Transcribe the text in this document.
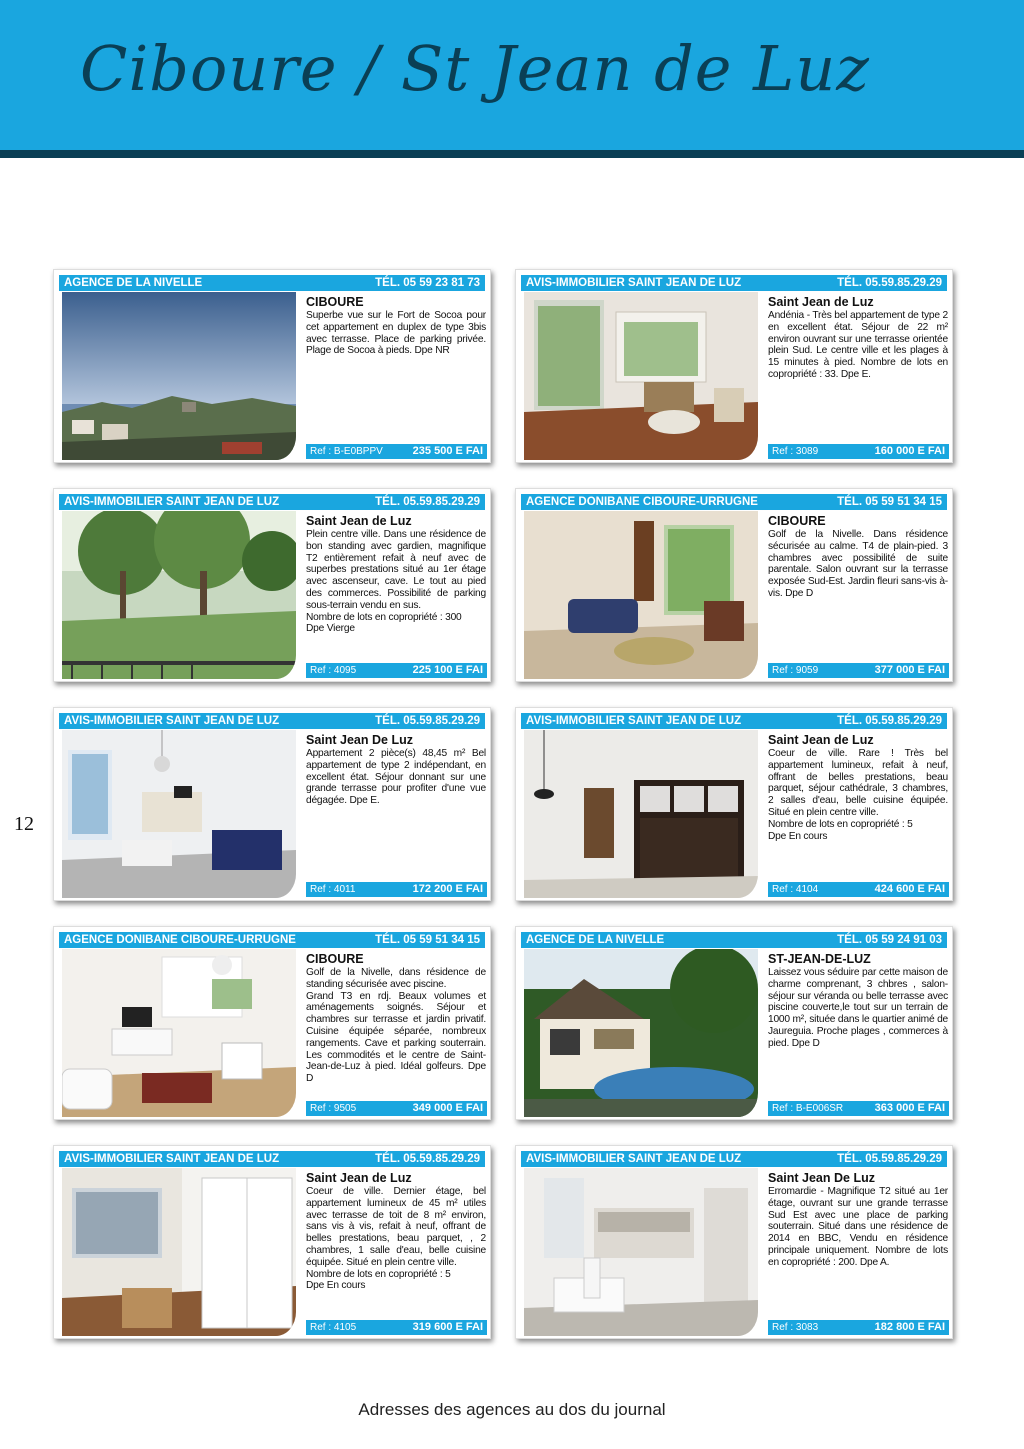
Ciboure / St Jean de Luz
12
AGENCE DE LA NIVELLE	TÉL. 05 59 23 81 73
CIBOURE
Superbe vue sur le Fort de Socoa pour cet appartement en duplex de type 3bis avec terrasse. Place de parking privée. Plage de Socoa à pieds. Dpe NR
Ref : B-E0BPPV	235 500 E FAI
AVIS-IMMOBILIER SAINT JEAN DE LUZ	TÉL. 05.59.85.29.29
Saint Jean de Luz
Andénia - Très bel appartement de type 2 en excellent état. Séjour de 22 m² environ ouvrant sur une terrasse orientée plein Sud. Le centre ville et les plages à 15 minutes à pied. Nombre de lots en copropriété : 33. Dpe E.
Ref : 3089	160 000 E FAI
AVIS-IMMOBILIER SAINT JEAN DE LUZ	TÉL. 05.59.85.29.29
Saint Jean de Luz
Plein centre ville. Dans une résidence de bon standing avec gardien, magnifique T2 entièrement refait à neuf avec de superbes prestations situé au 1er étage avec ascenseur, cave. Le tout au pied des commerces. Possibilité de parking sous-terrain vendu en sus.
Nombre de lots en copropriété : 300
Dpe Vierge
Ref : 4095	225 100 E FAI
AGENCE DONIBANE CIBOURE-URRUGNE	TÉL. 05 59 51 34 15
CIBOURE
Golf de la Nivelle. Dans résidence sécurisée au calme. T4 de plain-pied. 3 chambres avec possibilité de suite parentale. Salon ouvrant sur la terrasse exposée Sud-Est. Jardin fleuri sans-vis à-vis. Dpe D
Ref : 9059	377 000 E FAI
AVIS-IMMOBILIER SAINT JEAN DE LUZ	TÉL. 05.59.85.29.29
Saint Jean De Luz
Appartement 2 pièce(s) 48,45 m² Bel appartement de type 2 indépendant, en excellent état. Séjour donnant sur une grande terrasse pour profiter d'une vue dégagée. Dpe E.
Ref : 4011	172 200 E FAI
AVIS-IMMOBILIER SAINT JEAN DE LUZ	TÉL. 05.59.85.29.29
Saint Jean de Luz
Coeur de ville. Rare ! Très bel appartement lumineux, refait à neuf, offrant de belles prestations, beau parquet, séjour cathédrale, 3 chambres, 2 salles d'eau, belle cuisine équipée. Situé en plein centre ville.
Nombre de lots en copropriété : 5
Dpe En cours
Ref : 4104	424 600 E FAI
AGENCE DONIBANE CIBOURE-URRUGNE	TÉL. 05 59 51 34 15
CIBOURE
Golf de la Nivelle, dans résidence de standing sécurisée avec piscine.
Grand T3 en rdj. Beaux volumes et aménagements soignés. Séjour et chambres sur terrasse et jardin privatif. Cuisine équipée séparée, nombreux rangements. Cave et parking souterrain. Les commodités et le centre de Saint-Jean-de-Luz à pied. Idéal golfeurs. Dpe D
Ref : 9505	349 000 E FAI
AGENCE DE LA NIVELLE	TÉL. 05 59 24 91 03
ST-JEAN-DE-LUZ
Laissez vous séduire par cette maison de charme comprenant, 3 chbres , salon-séjour sur véranda ou belle terrasse avec piscine couverte,le tout sur un terrain de 1000 m², située dans le quartier animé de Jaureguia. Proche plages , commerces à pied. Dpe D
Ref : B-E006SR	363 000 E FAI
AVIS-IMMOBILIER SAINT JEAN DE LUZ	TÉL. 05.59.85.29.29
Saint Jean de Luz
Coeur de ville. Dernier étage, bel appartement lumineux de 45 m² utiles avec terrasse de toit de 8 m² environ, sans vis à vis, refait à neuf, offrant de belles prestations, beau parquet, , 2 chambres, 1 salle d'eau, belle cuisine équipée. Situé en plein centre ville.
Nombre de lots en copropriété : 5
Dpe En cours
Ref : 4105	319 600 E FAI
AVIS-IMMOBILIER SAINT JEAN DE LUZ	TÉL. 05.59.85.29.29
Saint Jean De Luz
Erromardie - Magnifique T2 situé au 1er étage, ouvrant sur une grande terrasse Sud Est avec une place de parking souterrain. Situé dans une résidence de 2014 en BBC, Vendu en résidence principale uniquement. Nombre de lots en copropriété : 200. Dpe A.
Ref : 3083	182 800 E FAI
Adresses des agences au dos du journal
